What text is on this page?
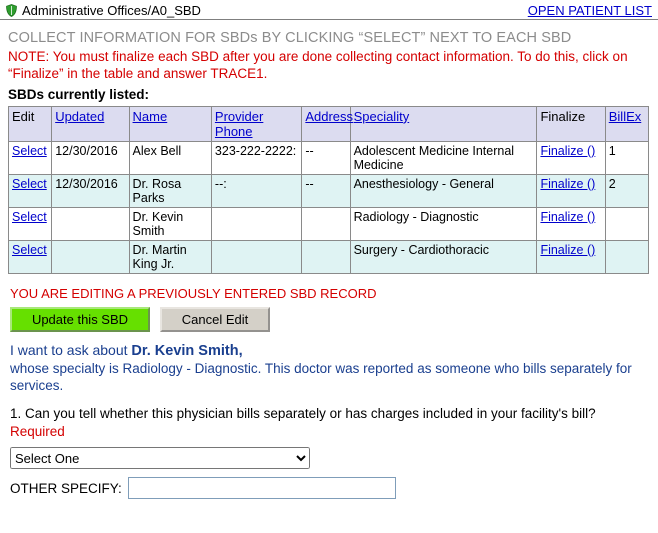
Administrative Offices/A0_SBD	OPEN PATIENT LIST
COLLECT INFORMATION FOR SBDs BY CLICKING “SELECT” NEXT TO EACH SBD
NOTE: You must finalize each SBD after you are done collecting contact information. To do this, click on “Finalize” in the table and answer TRACE1.
SBDs currently listed:
Edit	Updated	Name	Provider Phone	Address	Speciality	Finalize	BillEx
Select	12/30/2016	Alex Bell	323-222-2222:	--	Adolescent Medicine Internal Medicine	Finalize ()	1
Select	12/30/2016	Dr. Rosa Parks	--:	--	Anesthesiology - General	Finalize ()	2
Select		Dr. Kevin Smith			Radiology - Diagnostic	Finalize ()	
Select		Dr. Martin King Jr.			Surgery - Cardiothoracic	Finalize ()	
YOU ARE EDITING A PREVIOUSLY ENTERED SBD RECORD
Update this SBD	Cancel Edit
I want to ask about Dr. Kevin Smith,
whose specialty is Radiology - Diagnostic. This doctor was reported as someone who bills separately for services.
1. Can you tell whether this physician bills separately or has charges included in your facility's bill? Required
Select One
OTHER SPECIFY:
